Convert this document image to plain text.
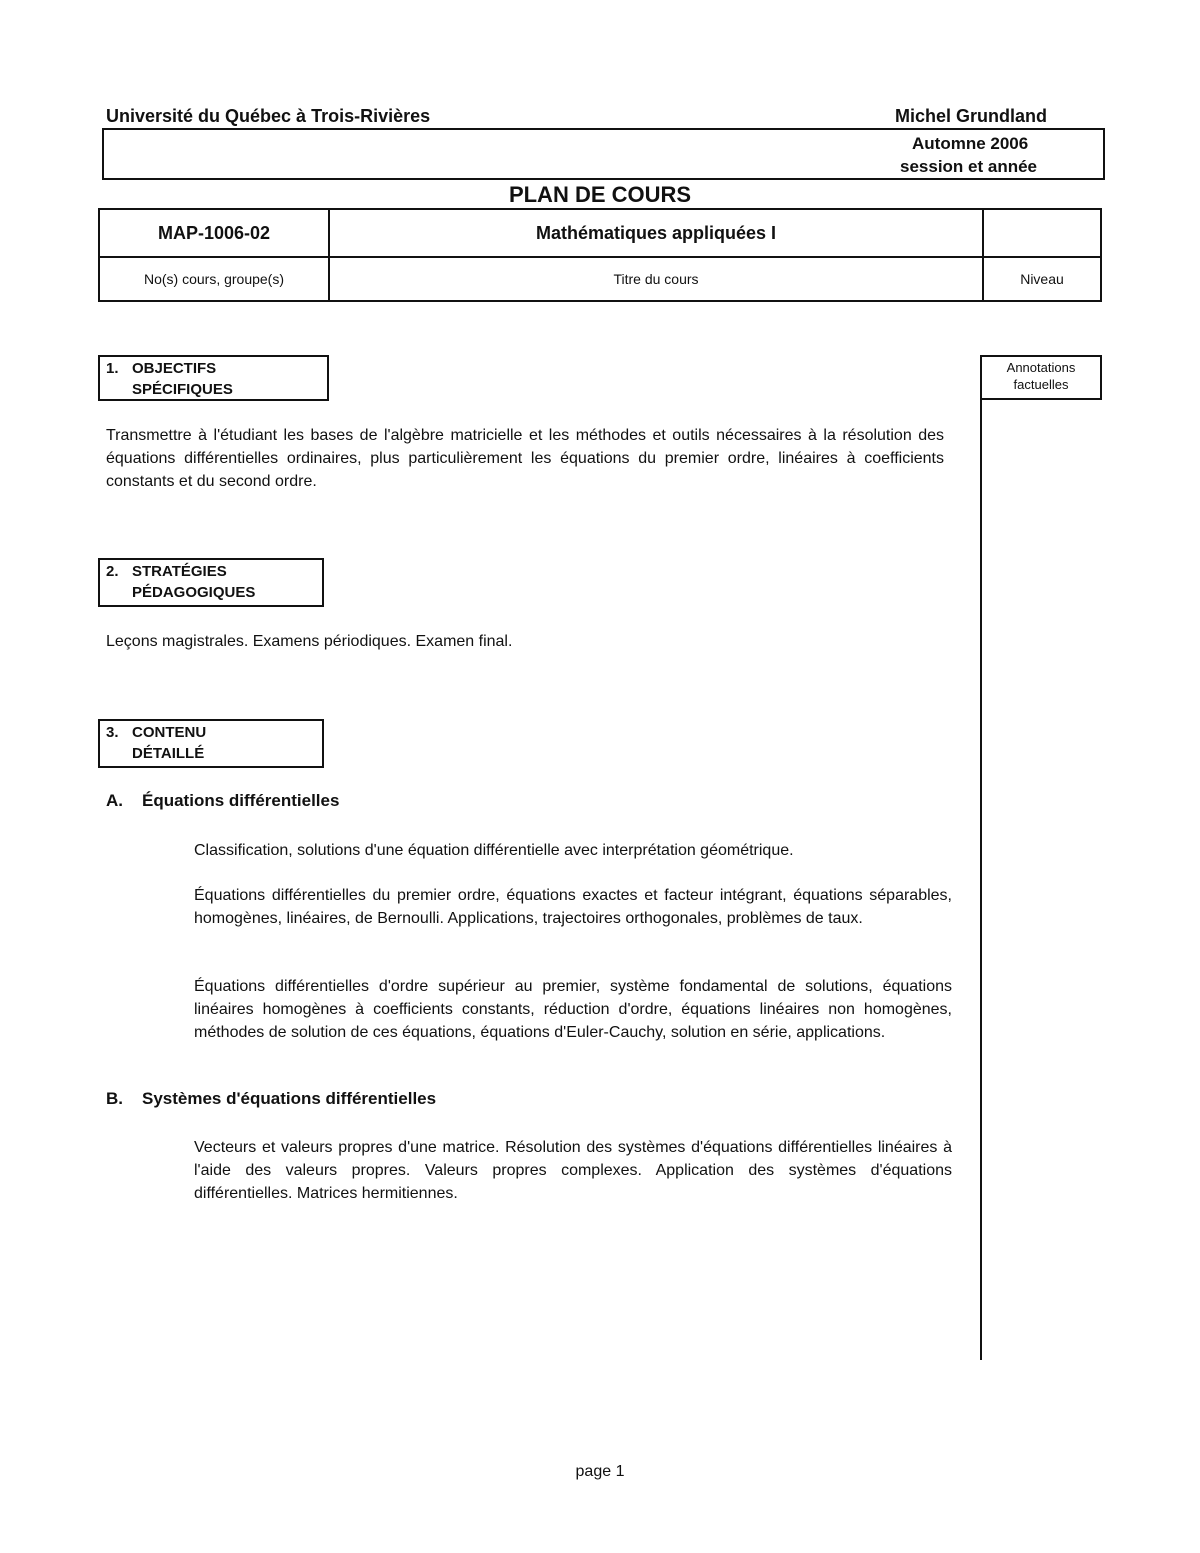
Université du Québec à Trois-Rivières	Michel Grundland
Automne 2006
session et année
PLAN DE COURS
MAP-1006-02	Mathématiques appliquées I	
No(s) cours, groupe(s)	Titre du cours	Niveau
Annotations
factuelles
1. OBJECTIFS
SPÉCIFIQUES
Transmettre à l'étudiant les bases de l'algèbre matricielle et les méthodes et outils nécessaires à la résolution des équations différentielles ordinaires, plus particulièrement les équations du premier ordre, linéaires à coefficients constants et du second ordre.
2. STRATÉGIES
PÉDAGOGIQUES
Leçons magistrales. Examens périodiques. Examen final.
3. CONTENU
DÉTAILLÉ
A. Équations différentielles
Classification, solutions d'une équation différentielle avec interprétation géométrique.
Équations différentielles du premier ordre, équations exactes et facteur intégrant, équations séparables, homogènes, linéaires, de Bernoulli. Applications, trajectoires orthogonales, problèmes de taux.
Équations différentielles d'ordre supérieur au premier, système fondamental de solutions, équations linéaires homogènes à coefficients constants, réduction d'ordre, équations linéaires non homogènes, méthodes de solution de ces équations, équations d'Euler-Cauchy, solution en série, applications.
B. Systèmes d'équations différentielles
Vecteurs et valeurs propres d'une matrice. Résolution des systèmes d'équations différentielles linéaires à l'aide des valeurs propres. Valeurs propres complexes. Application des systèmes d'équations différentielles. Matrices hermitiennes.
page 1
